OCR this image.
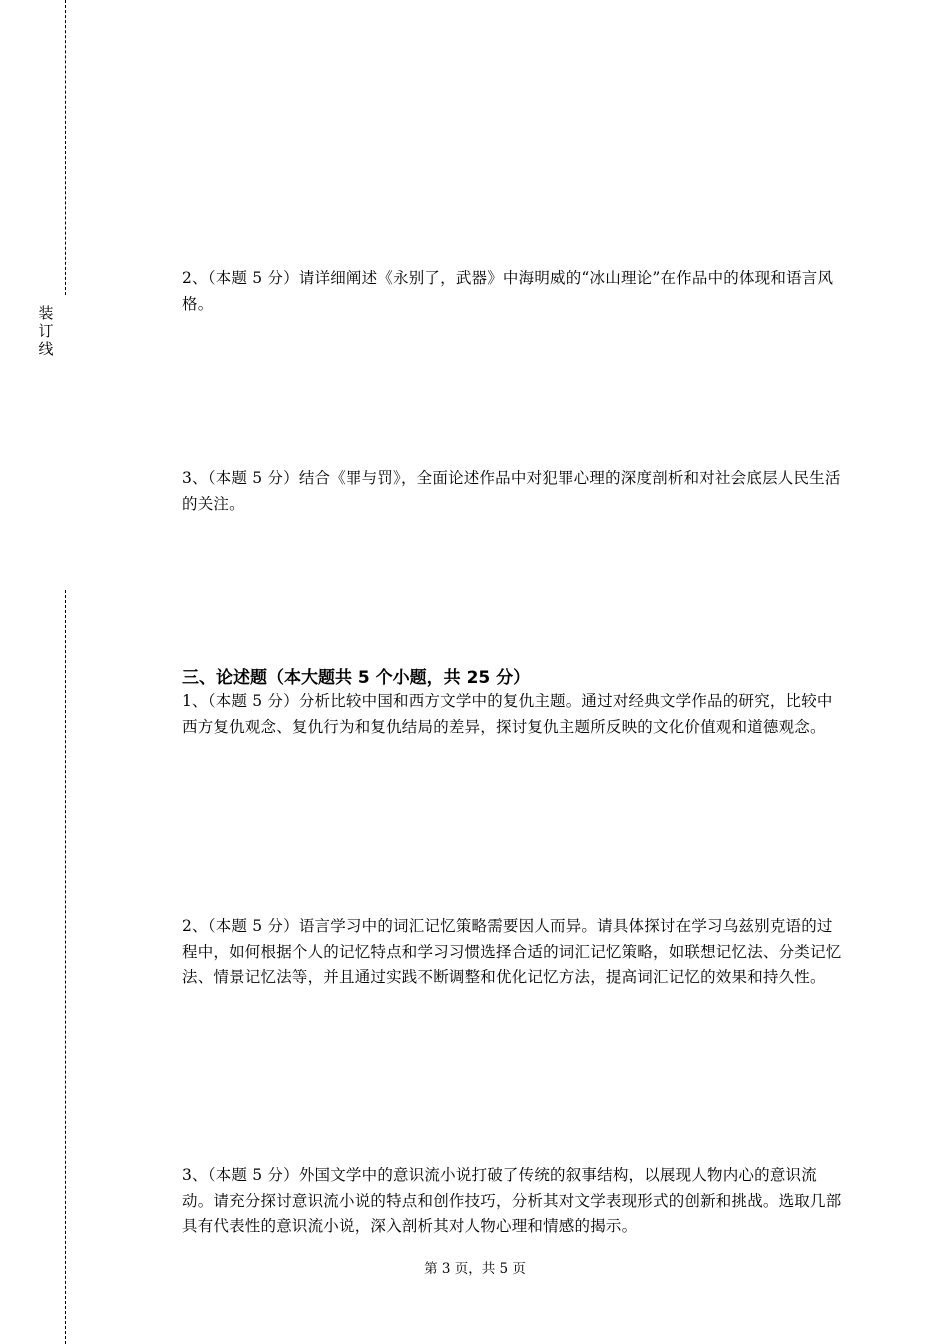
装
订
线
2、（本题 5 分）请详细阐述《永别了，武器》中海明威的“冰山理论”在作品中的体现和语言风格。
3、（本题 5 分）结合《罪与罚》，全面论述作品中对犯罪心理的深度剖析和对社会底层人民生活的关注。
三、论述题（本大题共 5 个小题，共 25 分）
1、（本题 5 分）分析比较中国和西方文学中的复仇主题。通过对经典文学作品的研究，比较中西方复仇观念、复仇行为和复仇结局的差异，探讨复仇主题所反映的文化价值观和道德观念。
2、（本题 5 分）语言学习中的词汇记忆策略需要因人而异。请具体探讨在学习乌兹别克语的过程中，如何根据个人的记忆特点和学习习惯选择合适的词汇记忆策略，如联想记忆法、分类记忆法、情景记忆法等，并且通过实践不断调整和优化记忆方法，提高词汇记忆的效果和持久性。
3、（本题 5 分）外国文学中的意识流小说打破了传统的叙事结构，以展现人物内心的意识流动。请充分探讨意识流小说的特点和创作技巧，分析其对文学表现形式的创新和挑战。选取几部具有代表性的意识流小说，深入剖析其对人物心理和情感的揭示。
第 3 页，共 5 页
